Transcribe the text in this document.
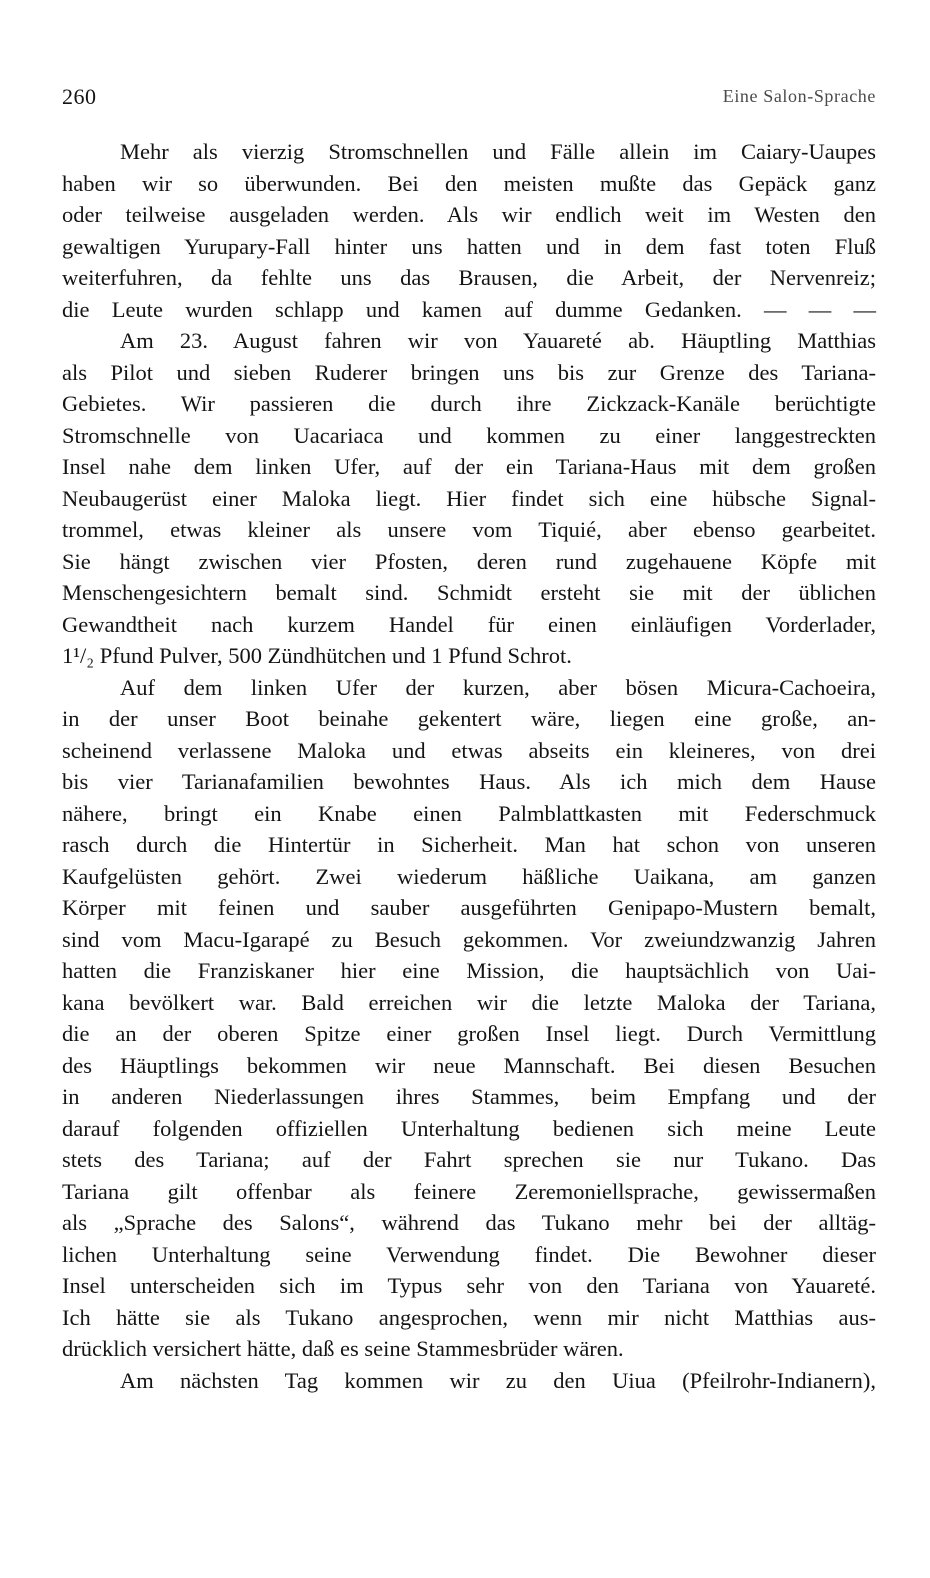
260	Eine Salon-Sprache
Mehr als vierzig Stromschnellen und Fälle allein im Caiary-Uaupes
haben wir so überwunden. Bei den meisten mußte das Gepäck ganz
oder teilweise ausgeladen werden. Als wir endlich weit im Westen den
gewaltigen Yurupary-Fall hinter uns hatten und in dem fast toten Fluß
weiterfuhren, da fehlte uns das Brausen, die Arbeit, der Nervenreiz;
die Leute wurden schlapp und kamen auf dumme Gedanken. — — —
Am 23. August fahren wir von Yauareté ab. Häuptling Matthias
als Pilot und sieben Ruderer bringen uns bis zur Grenze des Tariana-
Gebietes. Wir passieren die durch ihre Zickzack-Kanäle berüchtigte
Stromschnelle von Uacariaca und kommen zu einer langgestreckten
Insel nahe dem linken Ufer, auf der ein Tariana-Haus mit dem großen
Neubaugerüst einer Maloka liegt. Hier findet sich eine hübsche Signal-
trommel, etwas kleiner als unsere vom Tiquié, aber ebenso gearbeitet.
Sie hängt zwischen vier Pfosten, deren rund zugehauene Köpfe mit
Menschengesichtern bemalt sind. Schmidt ersteht sie mit der üblichen
Gewandtheit nach kurzem Handel für einen einläufigen Vorderlader,
1¹/₂ Pfund Pulver, 500 Zündhütchen und 1 Pfund Schrot.
Auf dem linken Ufer der kurzen, aber bösen Micura-Cachoeira,
in der unser Boot beinahe gekentert wäre, liegen eine große, an-
scheinend verlassene Maloka und etwas abseits ein kleineres, von drei
bis vier Tarianafamilien bewohntes Haus. Als ich mich dem Hause
nähere, bringt ein Knabe einen Palmblattkasten mit Federschmuck
rasch durch die Hintertür in Sicherheit. Man hat schon von unseren
Kaufgelüsten gehört. Zwei wiederum häßliche Uaikana, am ganzen
Körper mit feinen und sauber ausgeführten Genipapo-Mustern bemalt,
sind vom Macu-Igarapé zu Besuch gekommen. Vor zweiundzwanzig Jahren
hatten die Franziskaner hier eine Mission, die hauptsächlich von Uai-
kana bevölkert war. Bald erreichen wir die letzte Maloka der Tariana,
die an der oberen Spitze einer großen Insel liegt. Durch Vermittlung
des Häuptlings bekommen wir neue Mannschaft. Bei diesen Besuchen
in anderen Niederlassungen ihres Stammes, beim Empfang und der
darauf folgenden offiziellen Unterhaltung bedienen sich meine Leute
stets des Tariana; auf der Fahrt sprechen sie nur Tukano. Das
Tariana gilt offenbar als feinere Zeremoniellsprache, gewissermaßen
als „Sprache des Salons“, während das Tukano mehr bei der alltäg-
lichen Unterhaltung seine Verwendung findet. Die Bewohner dieser
Insel unterscheiden sich im Typus sehr von den Tariana von Yauareté.
Ich hätte sie als Tukano angesprochen, wenn mir nicht Matthias aus-
drücklich versichert hätte, daß es seine Stammesbrüder wären.
Am nächsten Tag kommen wir zu den Uiua (Pfeilrohr-Indianern),
